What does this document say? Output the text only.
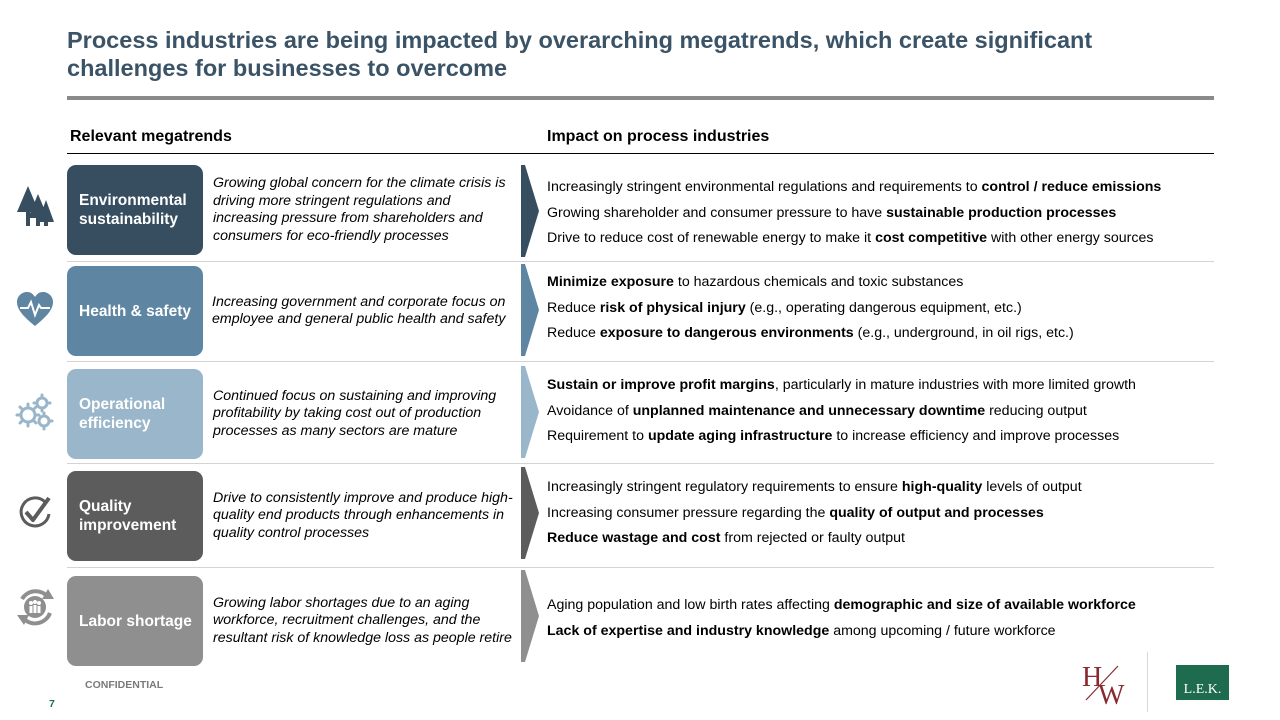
Process industries are being impacted by overarching megatrends, which create significant challenges for businesses to overcome
Relevant megatrends	Impact on process industries
Environmental sustainability
Growing global concern for the climate crisis is driving more stringent regulations and increasing pressure from shareholders and consumers for eco-friendly processes
Increasingly stringent environmental regulations and requirements to control / reduce emissions
Growing shareholder and consumer pressure to have sustainable production processes
Drive to reduce cost of renewable energy to make it cost competitive with other energy sources
Health & safety
Increasing government and corporate focus on employee and general public health and safety
Minimize exposure to hazardous chemicals and toxic substances
Reduce risk of physical injury (e.g., operating dangerous equipment, etc.)
Reduce exposure to dangerous environments (e.g., underground, in oil rigs, etc.)
Operational efficiency
Continued focus on sustaining and improving profitability by taking cost out of production processes as many sectors are mature
Sustain or improve profit margins, particularly in mature industries with more limited growth
Avoidance of unplanned maintenance and unnecessary downtime reducing output
Requirement to update aging infrastructure to increase efficiency and improve processes
Quality improvement
Drive to consistently improve and produce high-quality end products through enhancements in quality control processes
Increasingly stringent regulatory requirements to ensure high-quality levels of output
Increasing consumer pressure regarding the quality of output and processes
Reduce wastage and cost from rejected or faulty output
Labor shortage
Growing labor shortages due to an aging workforce, recruitment challenges, and the resultant risk of knowledge loss as people retire
Aging population and low birth rates affecting demographic and size of available workforce
Lack of expertise and industry knowledge among upcoming / future workforce
CONFIDENTIAL
7
H
W	L.E.K.
